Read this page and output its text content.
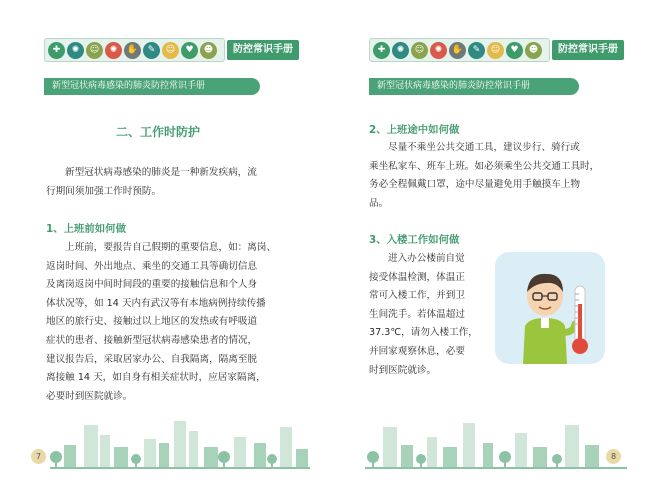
✚	✺	☺	✺	✋	✎	☺	♥	☻	防控常识手册
新型冠状病毒感染的肺炎防控常识手册
二、工作时防护
新型冠状病毒感染的肺炎是一种新发疾病，流
行期间须加强工作时预防。
1、上班前如何做
上班前，要报告自己假期的重要信息，如：离岗、
返岗时间、外出地点、乘坐的交通工具等确切信息
及离岗返岗中间时间段的重要的接触信息和个人身
体状况等，如 14 天内有武汉等有本地病例持续传播
地区的旅行史、接触过以上地区的发热或有呼吸道
症状的患者、接触新型冠状病毒感染患者的情况，
建议报告后，采取居家办公、自我隔离，隔离至脱
离接触 14 天，如自身有相关症状时，应居家隔离，
必要时到医院就诊。
7
✚	✺	☺	✺	✋	✎	☺	♥	☻	防控常识手册
新型冠状病毒感染的肺炎防控常识手册
2、上班途中如何做
尽量不乘坐公共交通工具，建议步行、骑行或
乘坐私家车、班车上班。如必须乘坐公共交通工具时，
务必全程佩戴口罩，途中尽量避免用手触摸车上物
品。
3、入楼工作如何做
进入办公楼前自觉
接受体温检测，体温正
常可入楼工作，并到卫
生间洗手。若体温超过
37.3℃，请勿入楼工作，
并回家观察休息，必要
时到医院就诊。
8
